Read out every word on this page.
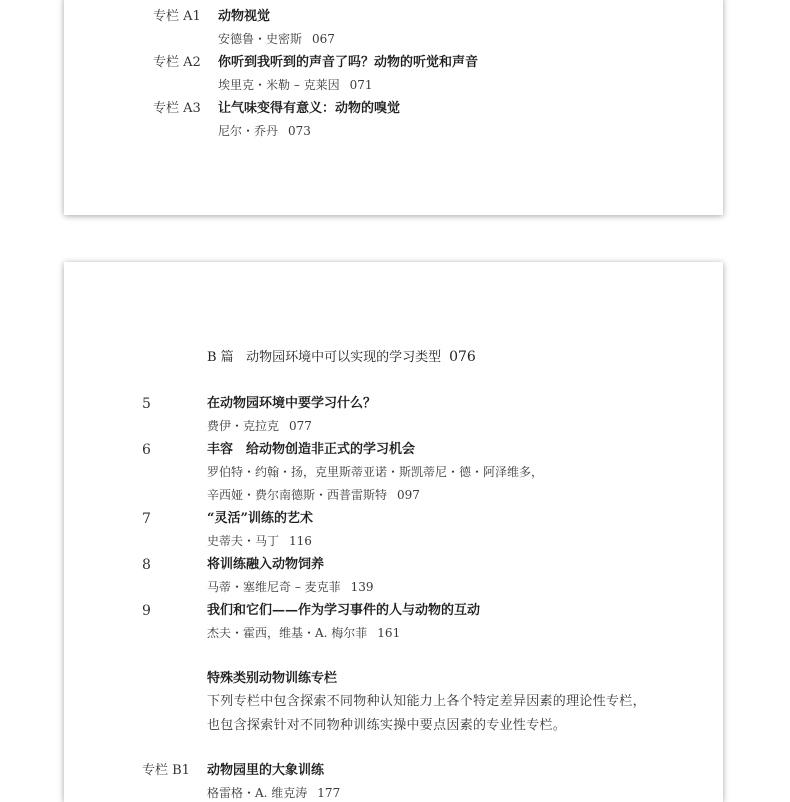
专栏 A1 动物视觉
安德鲁・史密斯 067
专栏 A2 你听到我听到的声音了吗？动物的听觉和声音
埃里克・米勒 – 克莱因 071
专栏 A3 让气味变得有意义：动物的嗅觉
尼尔・乔丹 073
B 篇 动物园环境中可以实现的学习类型 076
5	在动物园环境中要学习什么？
费伊・克拉克 077
6	丰容　给动物创造非正式的学习机会
罗伯特・约翰・扬，克里斯蒂亚诺・斯凯蒂尼・德・阿泽维多，
辛西娅・费尔南德斯・西普雷斯特 097
7	“灵活”训练的艺术
史蒂夫・马丁 116
8	将训练融入动物饲养
马蒂・塞维尼奇 – 麦克菲 139
9	我们和它们——作为学习事件的人与动物的互动
杰夫・霍西，维基・A. 梅尔菲 161
特殊类别动物训练专栏
下列专栏中包含探索不同物种认知能力上各个特定差异因素的理论性专栏，
也包含探索针对不同物种训练实操中要点因素的专业性专栏。
专栏 B1 动物园里的大象训练
格雷格・A. 维克涛 177
